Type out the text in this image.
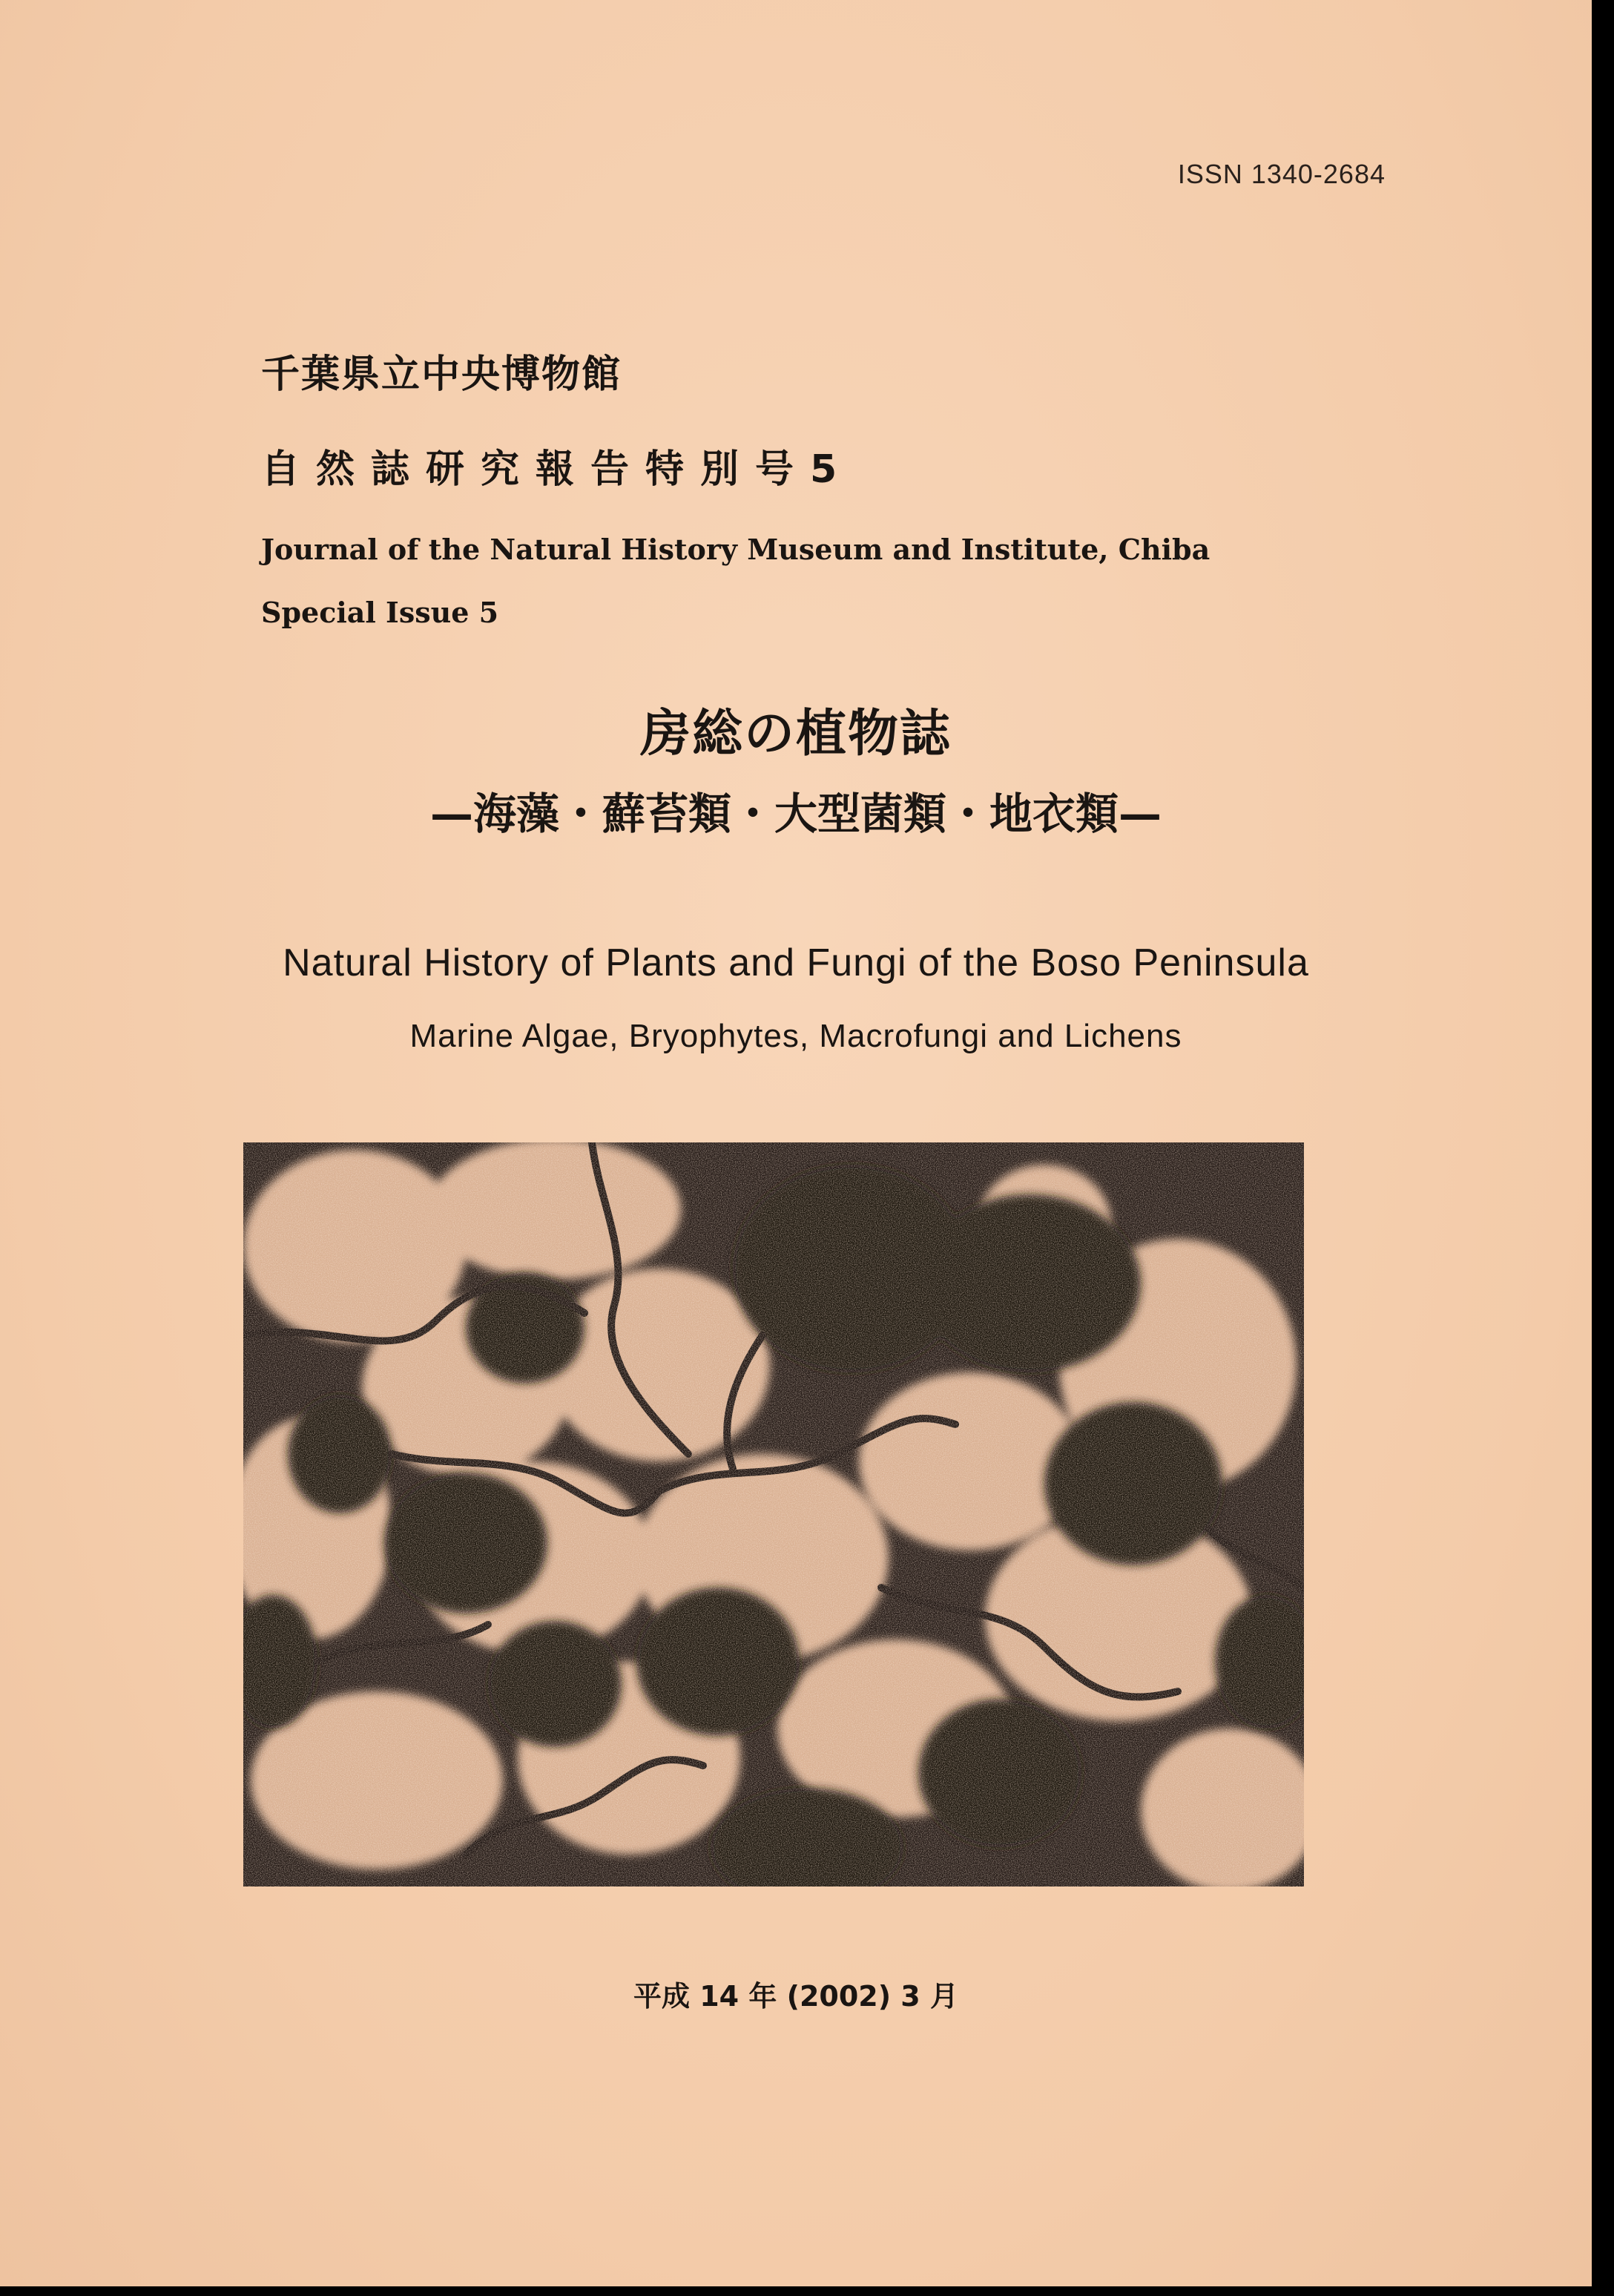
ISSN 1340-2684
千葉県立中央博物館
自然誌研究報告特別号5
Journal of the Natural History Museum and Institute, Chiba
Special Issue 5
房総の植物誌
—海藻・蘚苔類・大型菌類・地衣類—
Natural History of Plants and Fungi of the Boso Peninsula
Marine Algae, Bryophytes, Macrofungi and Lichens
平成 14 年 (2002) 3 月
